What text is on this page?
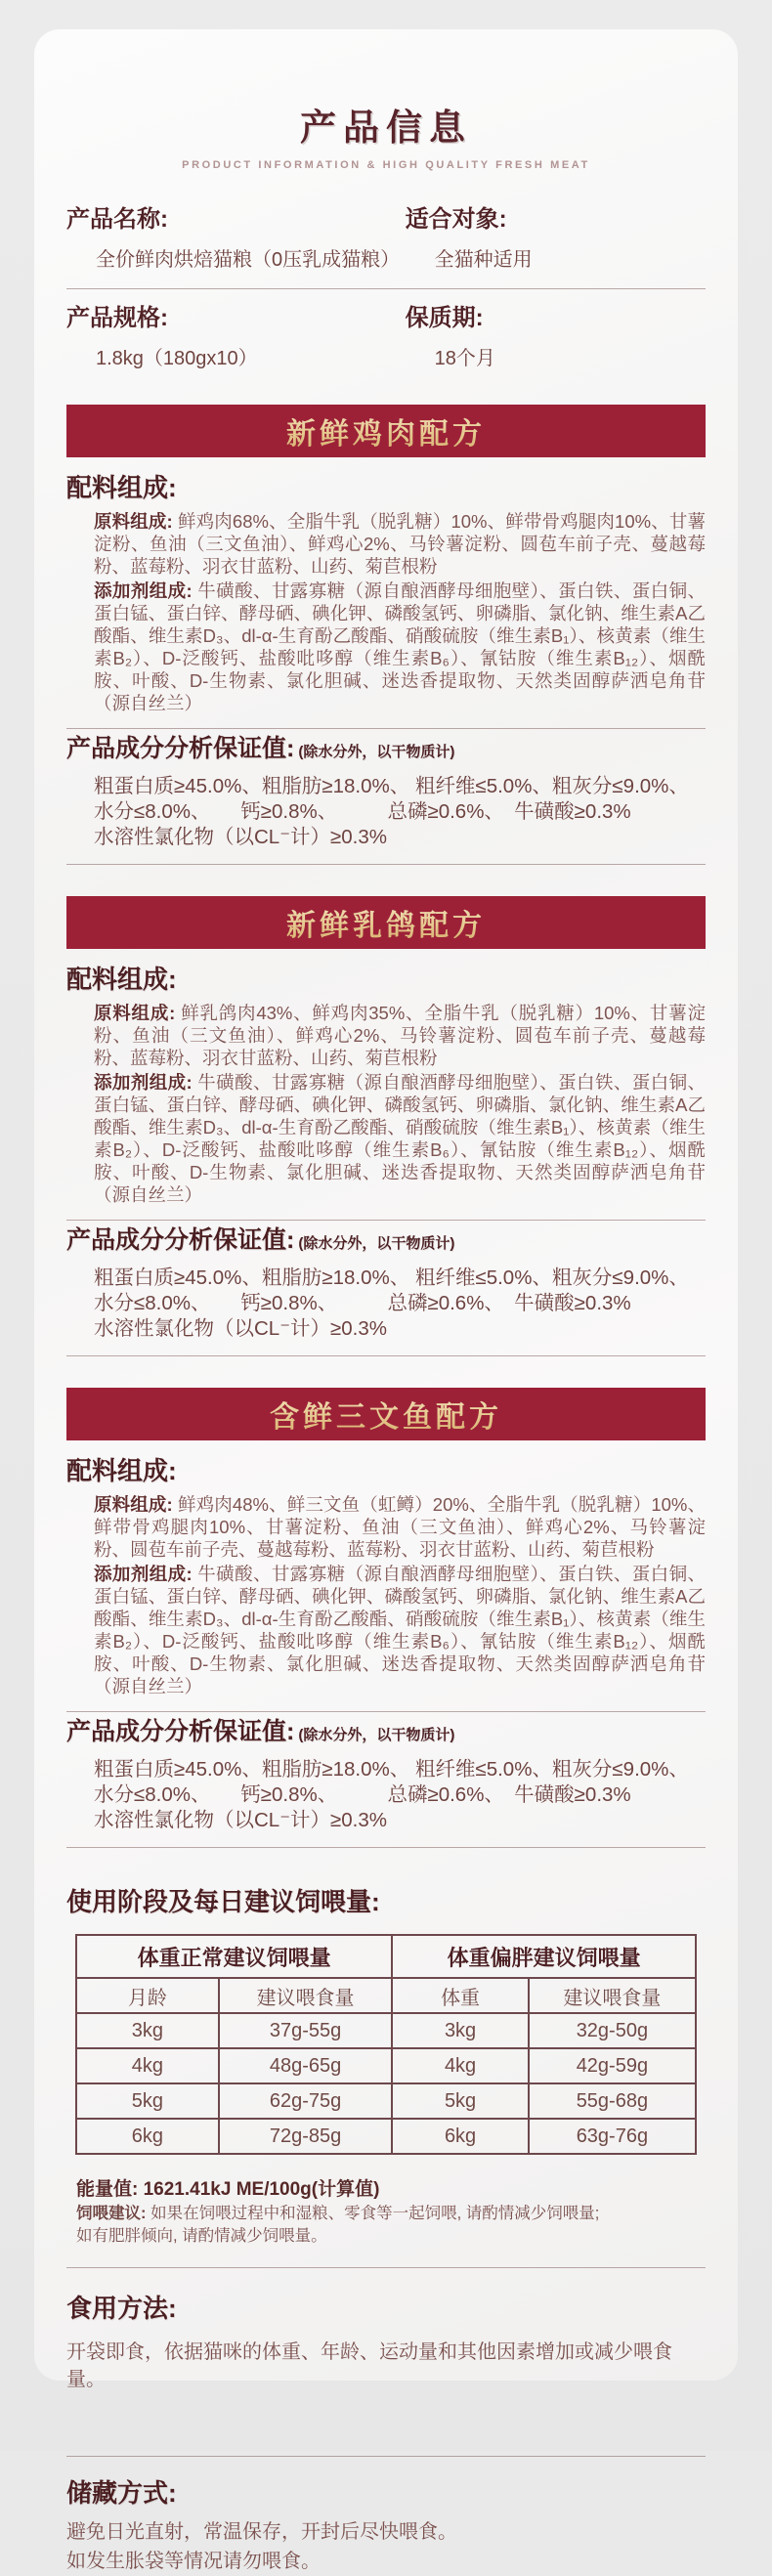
产品信息
PRODUCT INFORMATION & HIGH QUALITY FRESH MEAT
产品名称:
全价鲜肉烘焙猫粮（0压乳成猫粮）
适合对象:
全猫种适用
产品规格:
1.8kg（180gx10）
保质期:
18个月
新鲜鸡肉配方
配料组成:

原料组成: 鲜鸡肉68%、全脂牛乳（脱乳糖）10%、鲜带骨鸡腿肉10%、甘薯淀粉、鱼油（三文鱼油）、鲜鸡心2%、马铃薯淀粉、圆苞车前子壳、蔓越莓粉、蓝莓粉、羽衣甘蓝粉、山药、菊苣根粉

添加剂组成: 牛磺酸、甘露寡糖（源自酿酒酵母细胞壁）、蛋白铁、蛋白铜、蛋白锰、蛋白锌、酵母硒、碘化钾、磷酸氢钙、卵磷脂、氯化钠、维生素A乙酸酯、维生素D₃、dl-α-生育酚乙酸酯、硝酸硫胺（维生素B₁）、核黄素（维生素B₂）、D-泛酸钙、盐酸吡哆醇（维生素B₆）、氰钴胺（维生素B₁₂）、烟酰胺、叶酸、D-生物素、氯化胆碱、迷迭香提取物、天然类固醇萨洒皂角苷（源自丝兰）

产品成分分析保证值: (除水分外，以干物质计)
粗蛋白质≥45.0%、粗脂肪≥18.0%、 粗纤维≤5.0%、粗灰分≤9.0%、
水分≤8.0%、　　钙≥0.8%、　　　总磷≥0.6%、　牛磺酸≥0.3%
水溶性氯化物（以CL⁻计）≥0.3%
新鲜乳鸽配方
配料组成:

原料组成: 鲜乳鸽肉43%、鲜鸡肉35%、全脂牛乳（脱乳糖）10%、甘薯淀粉、鱼油（三文鱼油）、鲜鸡心2%、马铃薯淀粉、圆苞车前子壳、蔓越莓粉、蓝莓粉、羽衣甘蓝粉、山药、菊苣根粉

添加剂组成: 牛磺酸、甘露寡糖（源自酿酒酵母细胞壁）、蛋白铁、蛋白铜、蛋白锰、蛋白锌、酵母硒、碘化钾、磷酸氢钙、卵磷脂、氯化钠、维生素A乙酸酯、维生素D₃、dl-α-生育酚乙酸酯、硝酸硫胺（维生素B₁）、核黄素（维生素B₂）、D-泛酸钙、盐酸吡哆醇（维生素B₆）、氰钴胺（维生素B₁₂）、烟酰胺、叶酸、D-生物素、氯化胆碱、迷迭香提取物、天然类固醇萨洒皂角苷（源自丝兰）

产品成分分析保证值: (除水分外，以干物质计)
粗蛋白质≥45.0%、粗脂肪≥18.0%、 粗纤维≤5.0%、粗灰分≤9.0%、
水分≤8.0%、　　钙≥0.8%、　　　总磷≥0.6%、　牛磺酸≥0.3%
水溶性氯化物（以CL⁻计）≥0.3%
含鲜三文鱼配方
配料组成:

原料组成: 鲜鸡肉48%、鲜三文鱼（虹鳟）20%、全脂牛乳（脱乳糖）10%、鲜带骨鸡腿肉10%、甘薯淀粉、鱼油（三文鱼油）、鲜鸡心2%、马铃薯淀粉、圆苞车前子壳、蔓越莓粉、蓝莓粉、羽衣甘蓝粉、山药、菊苣根粉

添加剂组成: 牛磺酸、甘露寡糖（源自酿酒酵母细胞壁）、蛋白铁、蛋白铜、蛋白锰、蛋白锌、酵母硒、碘化钾、磷酸氢钙、卵磷脂、氯化钠、维生素A乙酸酯、维生素D₃、dl-α-生育酚乙酸酯、硝酸硫胺（维生素B₁）、核黄素（维生素B₂）、D-泛酸钙、盐酸吡哆醇（维生素B₆）、氰钴胺（维生素B₁₂）、烟酰胺、叶酸、D-生物素、氯化胆碱、迷迭香提取物、天然类固醇萨洒皂角苷（源自丝兰）

产品成分分析保证值: (除水分外，以干物质计)
粗蛋白质≥45.0%、粗脂肪≥18.0%、 粗纤维≤5.0%、粗灰分≤9.0%、
水分≤8.0%、　　钙≥0.8%、　　　总磷≥0.6%、　牛磺酸≥0.3%
水溶性氯化物（以CL⁻计）≥0.3%
使用阶段及每日建议饲喂量:
体重正常建议饲喂量		体重偏胖建议饲喂量	
月龄	建议喂食量	体重	建议喂食量
3kg	37g-55g	3kg	32g-50g
4kg	48g-65g	4kg	42g-59g
5kg	62g-75g	5kg	55g-68g
6kg	72g-85g	6kg	63g-76g
能量值: 1621.41kJ ME/100g(计算值)
饲喂建议: 如果在饲喂过程中和湿粮、零食等一起饲喂, 请酌情减少饲喂量;
如有肥胖倾向, 请酌情减少饲喂量。
食用方法:

开袋即食，依据猫咪的体重、年龄、运动量和其他因素增加或减少喂食量。

储藏方式:

避免日光直射，常温保存，开封后尽快喂食。
如发生胀袋等情况请勿喂食。
